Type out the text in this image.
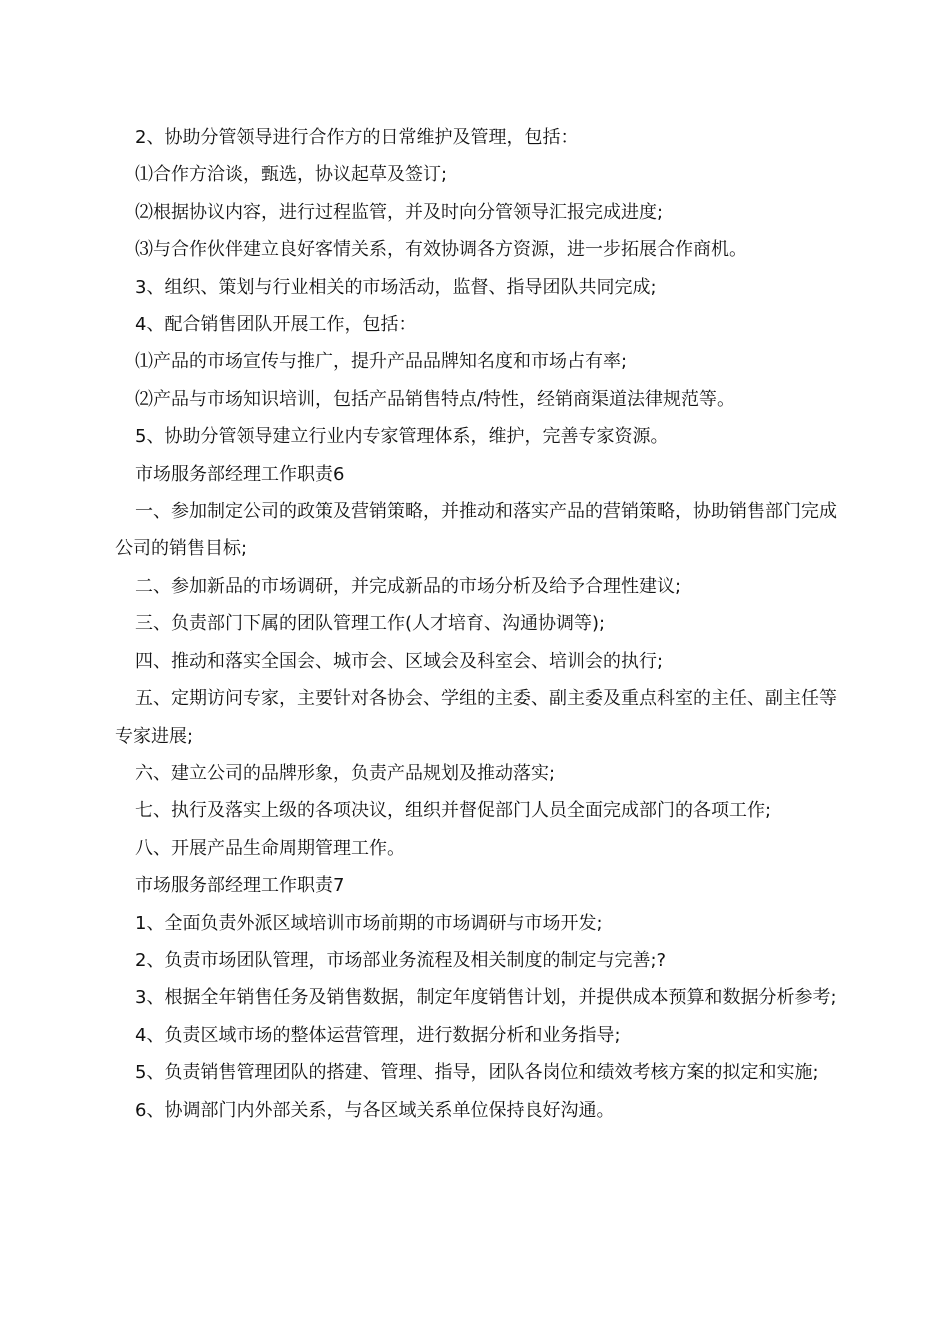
2、协助分管领导进行合作方的日常维护及管理，包括：

⑴合作方洽谈，甄选，协议起草及签订;

⑵根据协议内容，进行过程监管，并及时向分管领导汇报完成进度;

⑶与合作伙伴建立良好客情关系，有效协调各方资源，进一步拓展合作商机。

3、组织、策划与行业相关的市场活动，监督、指导团队共同完成;

4、配合销售团队开展工作，包括：

⑴产品的市场宣传与推广，提升产品品牌知名度和市场占有率;

⑵产品与市场知识培训，包括产品销售特点/特性，经销商渠道法律规范等。

5、协助分管领导建立行业内专家管理体系，维护，完善专家资源。

市场服务部经理工作职责6

一、参加制定公司的政策及营销策略，并推动和落实产品的营销策略，协助销售部门完成公司的销售目标;

二、参加新品的市场调研，并完成新品的市场分析及给予合理性建议;

三、负责部门下属的团队管理工作(人才培育、沟通协调等);

四、推动和落实全国会、城市会、区域会及科室会、培训会的执行;

五、定期访问专家，主要针对各协会、学组的主委、副主委及重点科室的主任、副主任等专家进展;

六、建立公司的品牌形象，负责产品规划及推动落实;

七、执行及落实上级的各项决议，组织并督促部门人员全面完成部门的各项工作;

八、开展产品生命周期管理工作。

市场服务部经理工作职责7

1、全面负责外派区域培训市场前期的市场调研与市场开发;

2、负责市场团队管理，市场部业务流程及相关制度的制定与完善;?

3、根据全年销售任务及销售数据，制定年度销售计划，并提供成本预算和数据分析参考;

4、负责区域市场的整体运营管理，进行数据分析和业务指导;

5、负责销售管理团队的搭建、管理、指导，团队各岗位和绩效考核方案的拟定和实施;

6、协调部门内外部关系，与各区域关系单位保持良好沟通。
